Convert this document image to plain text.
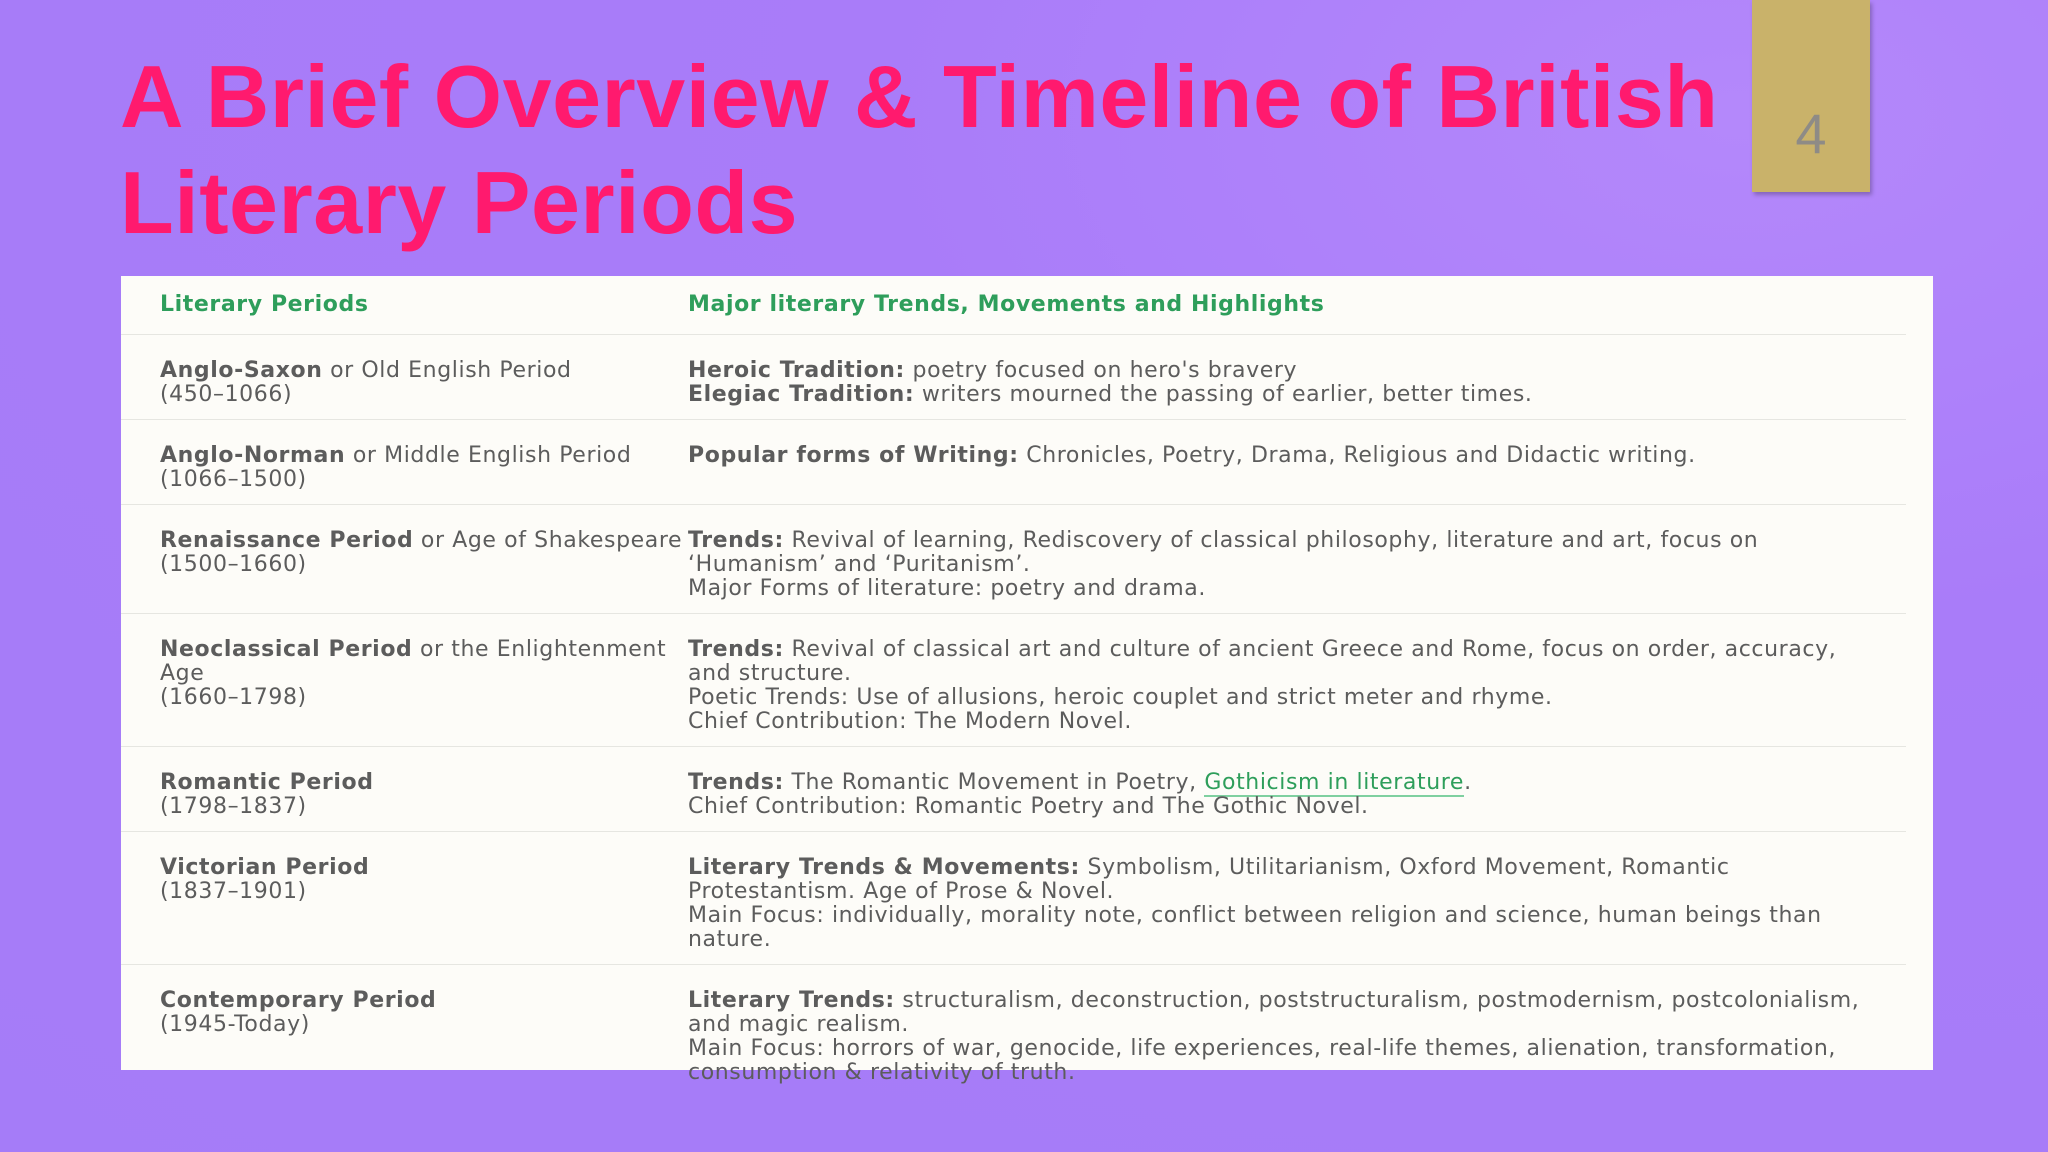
A Brief Overview & Timeline of British Literary Periods
4
Literary Periods	Major literary Trends, Movements and Highlights

Anglo-Saxon or Old English Period
(450–1066)	Heroic Tradition: poetry focused on hero's bravery
Elegiac Tradition: writers mourned the passing of earlier, better times.

Anglo-Norman or Middle English Period
(1066–1500)	Popular forms of Writing: Chronicles, Poetry, Drama, Religious and Didactic writing.

Renaissance Period or Age of Shakespeare
(1500–1660)	Trends: Revival of learning, Rediscovery of classical philosophy, literature and art, focus on ‘Humanism’ and ‘Puritanism’.
Major Forms of literature: poetry and drama.

Neoclassical Period or the Enlightenment Age
(1660–1798)	Trends: Revival of classical art and culture of ancient Greece and Rome, focus on order, accuracy, and structure.
Poetic Trends: Use of allusions, heroic couplet and strict meter and rhyme.
Chief Contribution: The Modern Novel.

Romantic Period
(1798–1837)	Trends: The Romantic Movement in Poetry, Gothicism in literature.
Chief Contribution: Romantic Poetry and The Gothic Novel.

Victorian Period
(1837–1901)	Literary Trends & Movements: Symbolism, Utilitarianism, Oxford Movement, Romantic Protestantism. Age of Prose & Novel.
Main Focus: individually, morality note, conflict between religion and science, human beings than nature.

Contemporary Period
(1945-Today)	Literary Trends: structuralism, deconstruction, poststructuralism, postmodernism, postcolonialism, and magic realism.
Main Focus: horrors of war, genocide, life experiences, real-life themes, alienation, transformation, consumption & relativity of truth.
